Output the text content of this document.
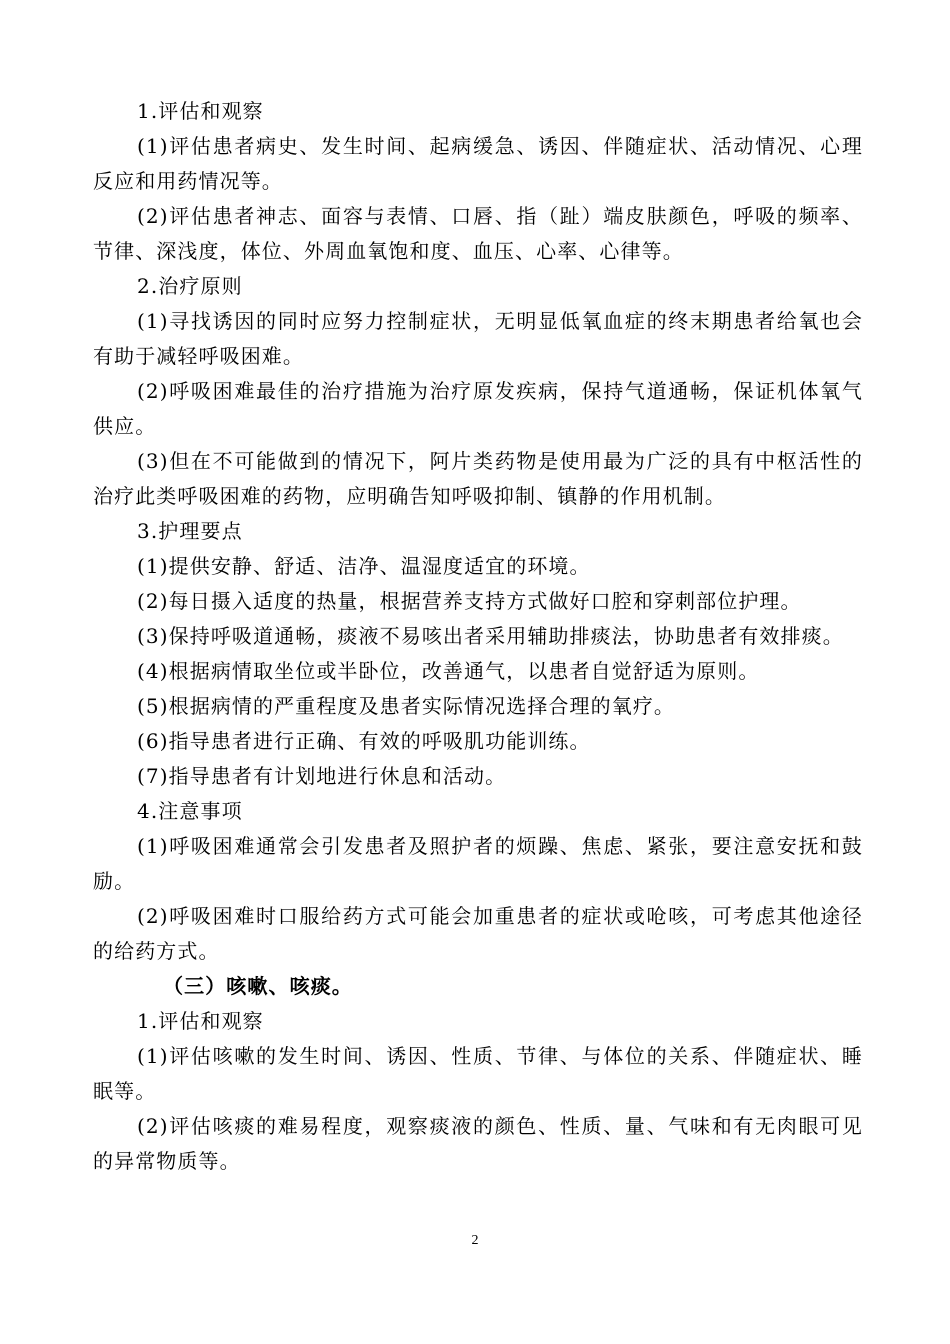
1.评估和观察

(1)评估患者病史、发生时间、起病缓急、诱因、伴随症状、活动情况、心理反应和用药情况等。

(2)评估患者神志、面容与表情、口唇、指（趾）端皮肤颜色，呼吸的频率、节律、深浅度，体位、外周血氧饱和度、血压、心率、心律等。

2.治疗原则

(1)寻找诱因的同时应努力控制症状，无明显低氧血症的终末期患者给氧也会有助于减轻呼吸困难。

(2)呼吸困难最佳的治疗措施为治疗原发疾病，保持气道通畅，保证机体氧气供应。

(3)但在不可能做到的情况下，阿片类药物是使用最为广泛的具有中枢活性的治疗此类呼吸困难的药物，应明确告知呼吸抑制、镇静的作用机制。

3.护理要点

(1)提供安静、舒适、洁净、温湿度适宜的环境。

(2)每日摄入适度的热量，根据营养支持方式做好口腔和穿刺部位护理。

(3)保持呼吸道通畅，痰液不易咳出者采用辅助排痰法，协助患者有效排痰。

(4)根据病情取坐位或半卧位，改善通气，以患者自觉舒适为原则。

(5)根据病情的严重程度及患者实际情况选择合理的氧疗。

(6)指导患者进行正确、有效的呼吸肌功能训练。

(7)指导患者有计划地进行休息和活动。

4.注意事项

(1)呼吸困难通常会引发患者及照护者的烦躁、焦虑、紧张，要注意安抚和鼓励。

(2)呼吸困难时口服给药方式可能会加重患者的症状或呛咳，可考虑其他途径的给药方式。

（三）咳嗽、咳痰。

1.评估和观察

(1)评估咳嗽的发生时间、诱因、性质、节律、与体位的关系、伴随症状、睡眠等。

(2)评估咳痰的难易程度，观察痰液的颜色、性质、量、气味和有无肉眼可见的异常物质等。

2
